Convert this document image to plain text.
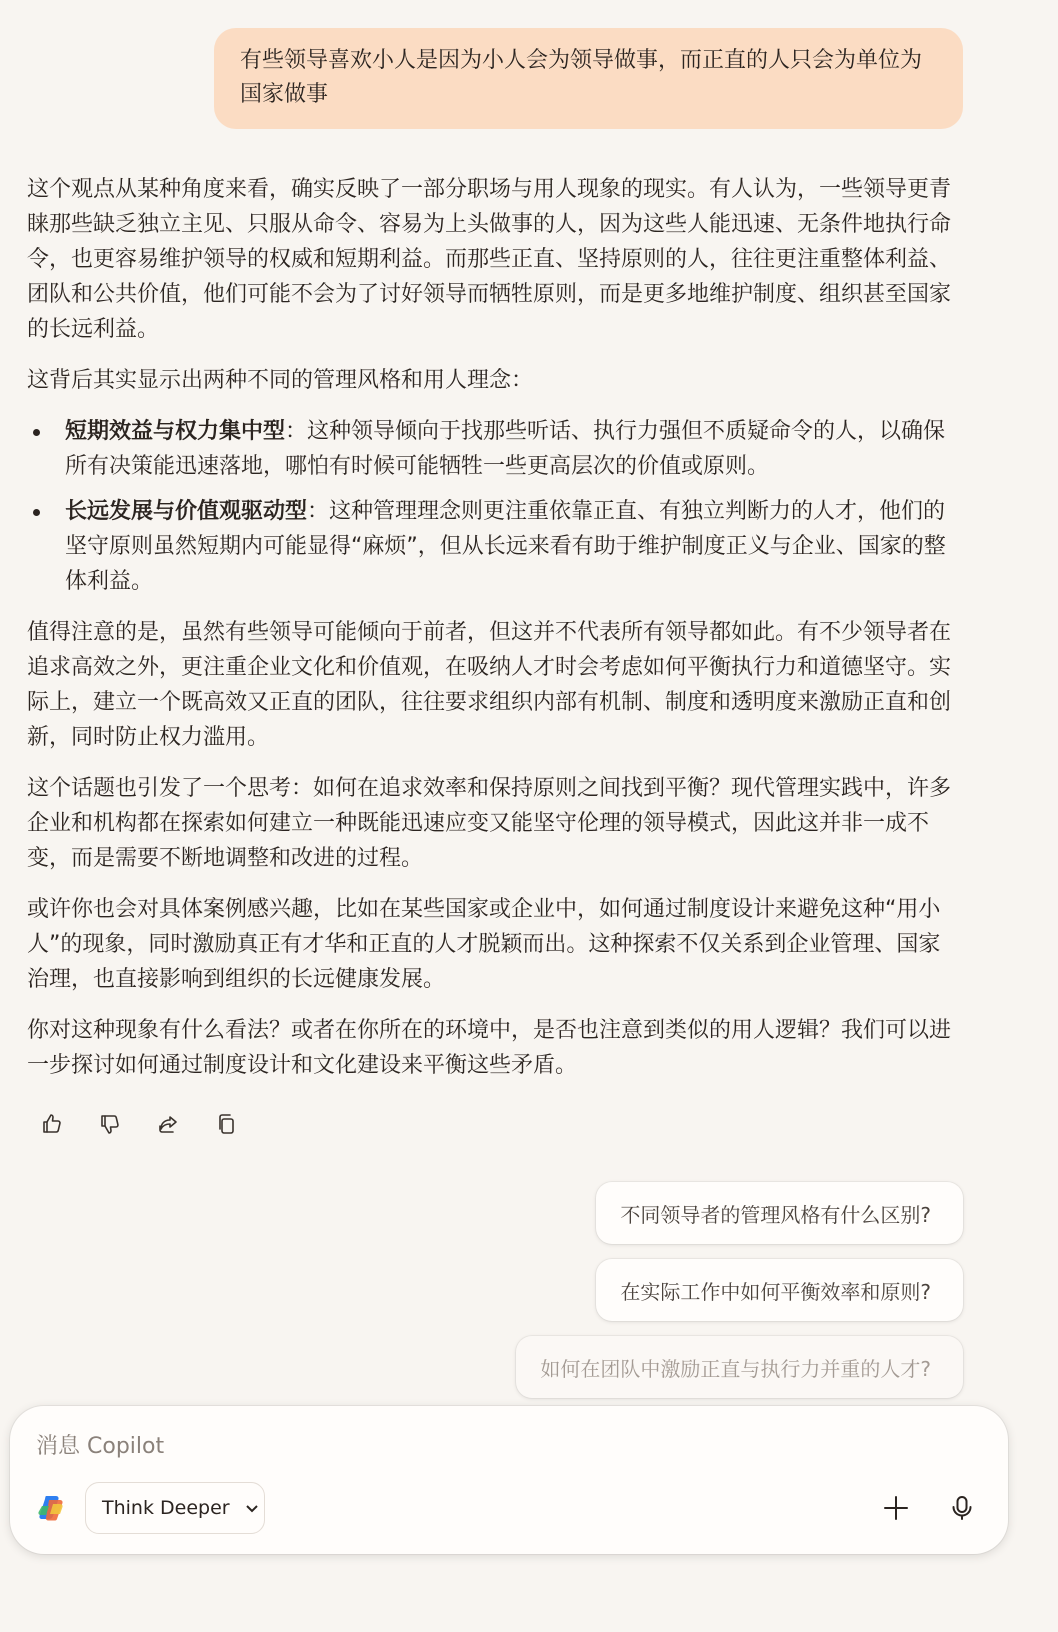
有些领导喜欢小人是因为小人会为领导做事，而正直的人只会为单位为国家做事

这个观点从某种角度来看，确实反映了一部分职场与用人现象的现实。有人认为，一些领导更青睐那些缺乏独立主见、只服从命令、容易为上头做事的人，因为这些人能迅速、无条件地执行命令，也更容易维护领导的权威和短期利益。而那些正直、坚持原则的人，往往更注重整体利益、团队和公共价值，他们可能不会为了讨好领导而牺牲原则，而是更多地维护制度、组织甚至国家的长远利益。

这背后其实显示出两种不同的管理风格和用人理念：

短期效益与权力集中型：这种领导倾向于找那些听话、执行力强但不质疑命令的人，以确保所有决策能迅速落地，哪怕有时候可能牺牲一些更高层次的价值或原则。
长远发展与价值观驱动型：这种管理理念则更注重依靠正直、有独立判断力的人才，他们的坚守原则虽然短期内可能显得“麻烦”，但从长远来看有助于维护制度正义与企业、国家的整体利益。

值得注意的是，虽然有些领导可能倾向于前者，但这并不代表所有领导都如此。有不少领导者在追求高效之外，更注重企业文化和价值观，在吸纳人才时会考虑如何平衡执行力和道德坚守。实际上，建立一个既高效又正直的团队，往往要求组织内部有机制、制度和透明度来激励正直和创新，同时防止权力滥用。

这个话题也引发了一个思考：如何在追求效率和保持原则之间找到平衡？现代管理实践中，许多企业和机构都在探索如何建立一种既能迅速应变又能坚守伦理的领导模式，因此这并非一成不变，而是需要不断地调整和改进的过程。

或许你也会对具体案例感兴趣，比如在某些国家或企业中，如何通过制度设计来避免这种“用小人”的现象，同时激励真正有才华和正直的人才脱颖而出。这种探索不仅关系到企业管理、国家治理，也直接影响到组织的长远健康发展。

你对这种现象有什么看法？或者在你所在的环境中，是否也注意到类似的用人逻辑？我们可以进一步探讨如何通过制度设计和文化建设来平衡这些矛盾。

不同领导者的管理风格有什么区别?
在实际工作中如何平衡效率和原则?
如何在团队中激励正直与执行力并重的人才?
消息 Copilot
Think Deeper
